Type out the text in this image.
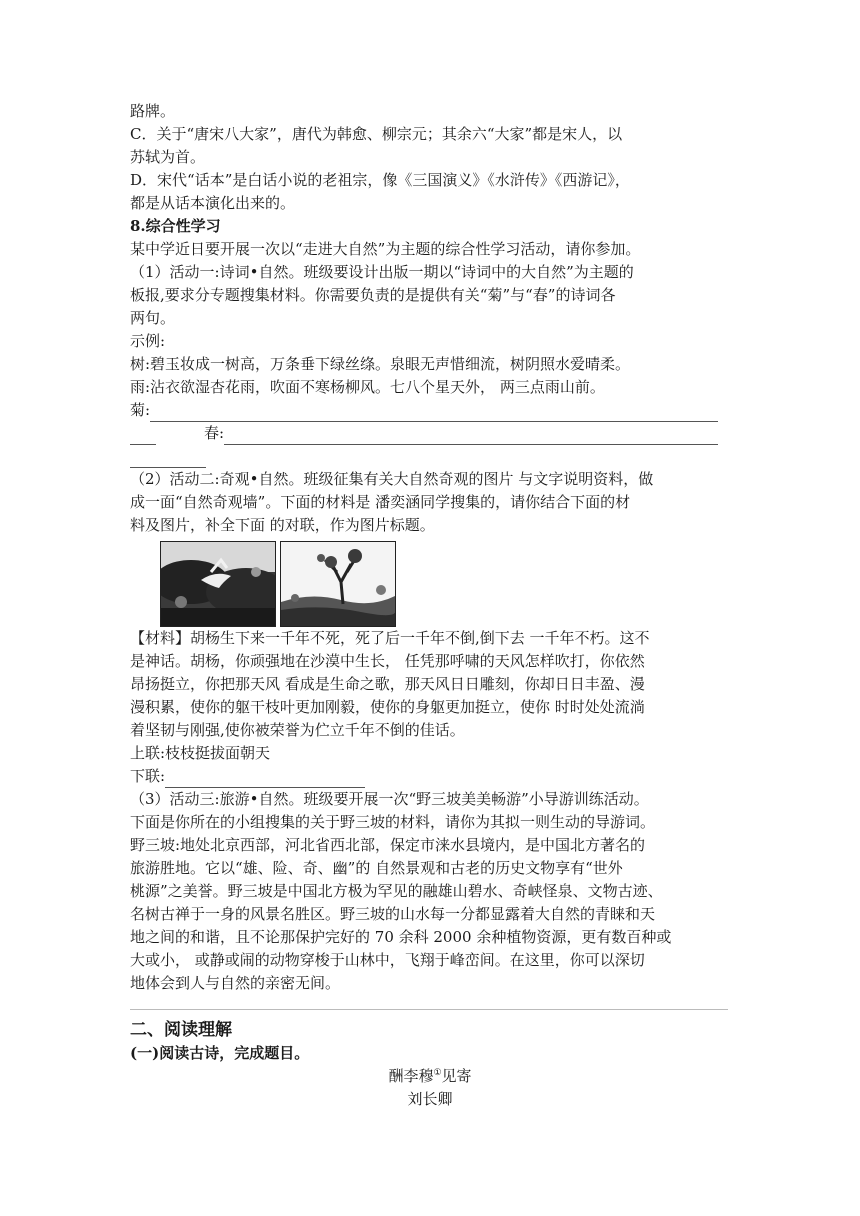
路牌。
C．关于“唐宋八大家”，唐代为韩愈、柳宗元；其余六“大家”都是宋人，以
苏轼为首。
D．宋代“话本”是白话小说的老祖宗，像《三国演义》《水浒传》《西游记》，
都是从话本演化出来的。
8.综合性学习
某中学近日要开展一次以“走进大自然”为主题的综合性学习活动，请你参加。
（1）活动一:诗词•自然。班级要设计出版一期以“诗词中的大自然”为主题的
板报,要求分专题搜集材料。你需要负责的是提供有关“菊”与“春”的诗词各
两句。
示例:
树:碧玉妆成一树高，万条垂下绿丝绦。泉眼无声惜细流，树阴照水爱晴柔。
雨:沾衣欲湿杏花雨，吹面不寒杨柳风。七八个星天外， 两三点雨山前。
菊:
春:
（2）活动二:奇观•自然。班级征集有关大自然奇观的图片 与文字说明资料，做
成一面“自然奇观墙”。下面的材料是 潘奕涵同学搜集的，请你结合下面的材
料及图片，补全下面 的对联，作为图片标题。
【材料】胡杨生下来一千年不死，死了后一千年不倒,倒下去 一千年不朽。这不
是神话。胡杨，你顽强地在沙漠中生长， 任凭那呼啸的天风怎样吹打，你依然
昂扬挺立，你把那天风 看成是生命之歌，那天风日日雕刻，你却日日丰盈、漫
漫积累，使你的躯干枝叶更加刚毅，使你的身躯更加挺立，使你 时时处处流淌
着坚韧与刚强,使你被荣誉为伫立千年不倒的佳话。
上联:枝枝挺拔面朝天
下联:
（3）活动三:旅游•自然。班级要开展一次“野三坡美美畅游”小导游训练活动。
下面是你所在的小组搜集的关于野三坡的材料，请你为其拟一则生动的导游词。
野三坡:地处北京西部，河北省西北部，保定市涞水县境内，是中国北方著名的
旅游胜地。它以“雄、险、奇、幽”的 自然景观和古老的历史文物享有“世外
桃源”之美誉。野三坡是中国北方极为罕见的融雄山碧水、奇峡怪泉、文物古迹、
名树古禅于一身的风景名胜区。野三坡的山水每一分都显露着大自然的青睐和天
地之间的和谐，且不论那保护完好的 70 余科 2000 余种植物资源，更有数百种或
大或小， 或静或闹的动物穿梭于山林中，飞翔于峰峦间。在这里，你可以深切
地体会到人与自然的亲密无间。
二、阅读理解
(一)阅读古诗，完成题目。
酬李穆①见寄
刘长卿
